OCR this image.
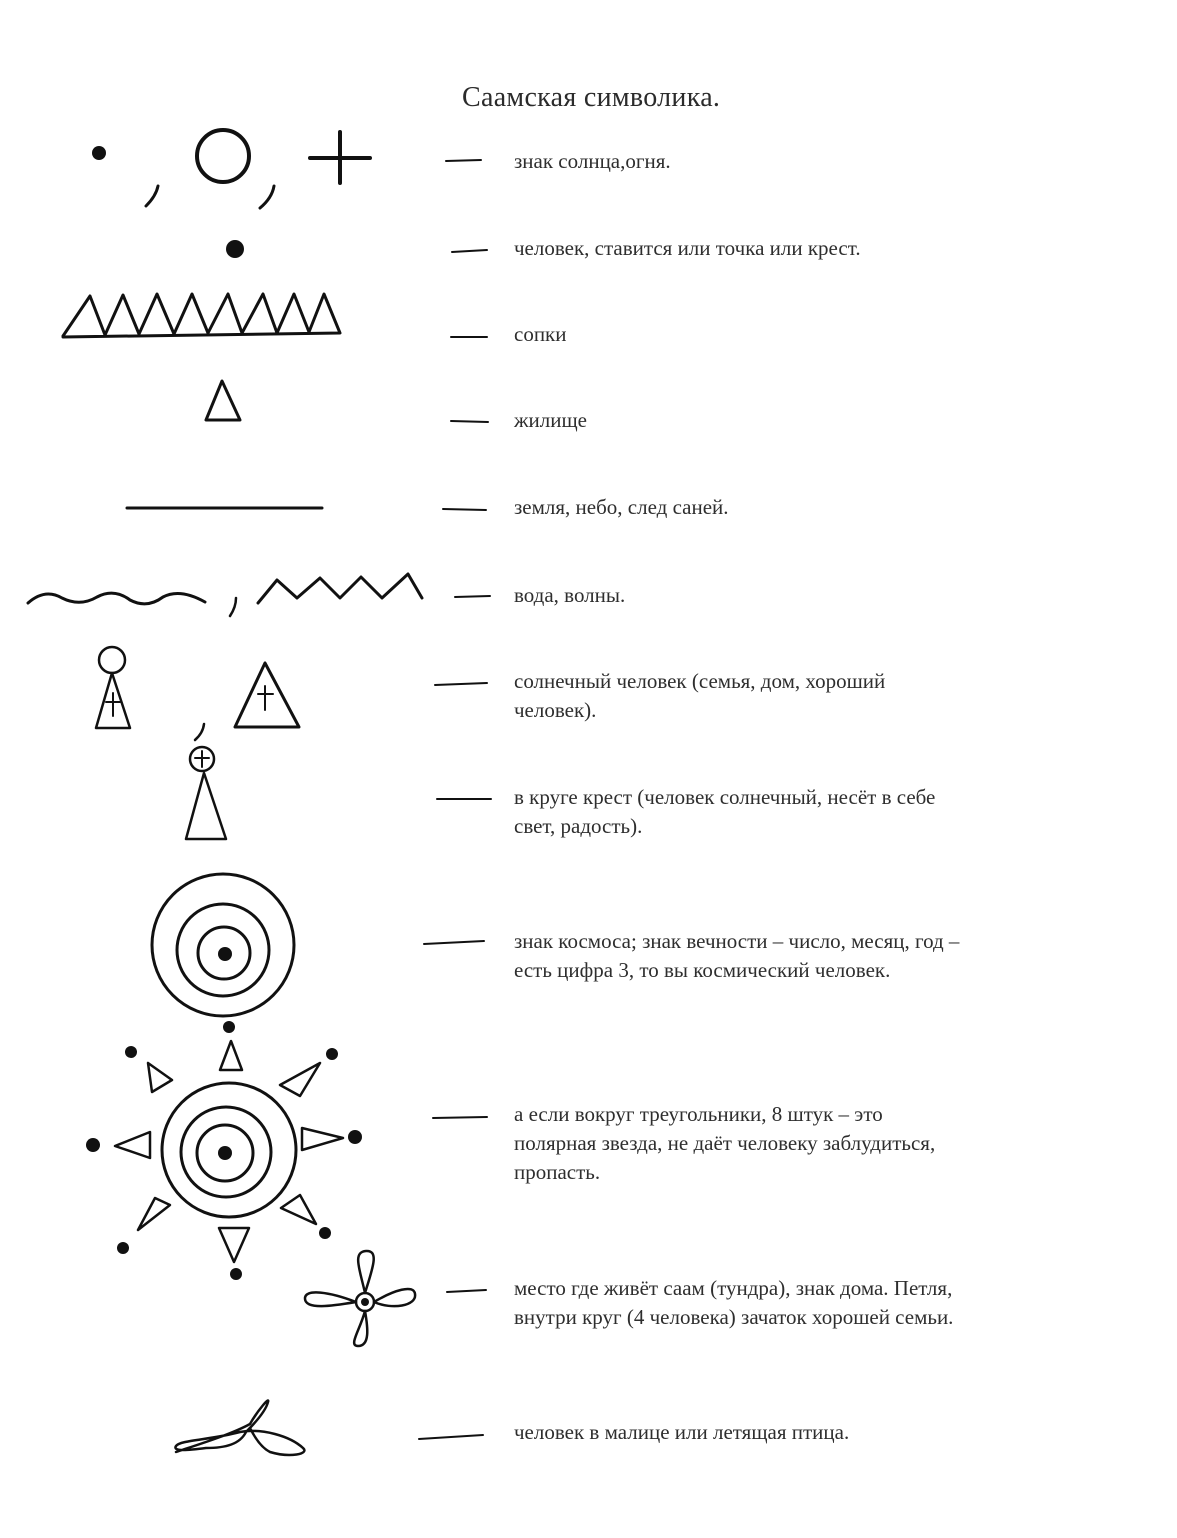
Саамская символика.
знак солнца,огня.
человек, ставится или точка или крест.
сопки
жилище
земля, небо, след саней.
вода, волны.
солнечный человек (семья, дом, хороший
человек).
в круге крест (человек солнечный, несёт в себе
свет, радость).
знак космоса; знак вечности – число, месяц, год –
есть цифра 3, то вы космический человек.
а если вокруг треугольники, 8 штук – это
полярная звезда, не даёт человеку заблудиться,
пропасть.
место где живёт саам (тундра), знак дома. Петля,
внутри круг (4 человека) зачаток хорошей семьи.
человек в малице или летящая птица.
